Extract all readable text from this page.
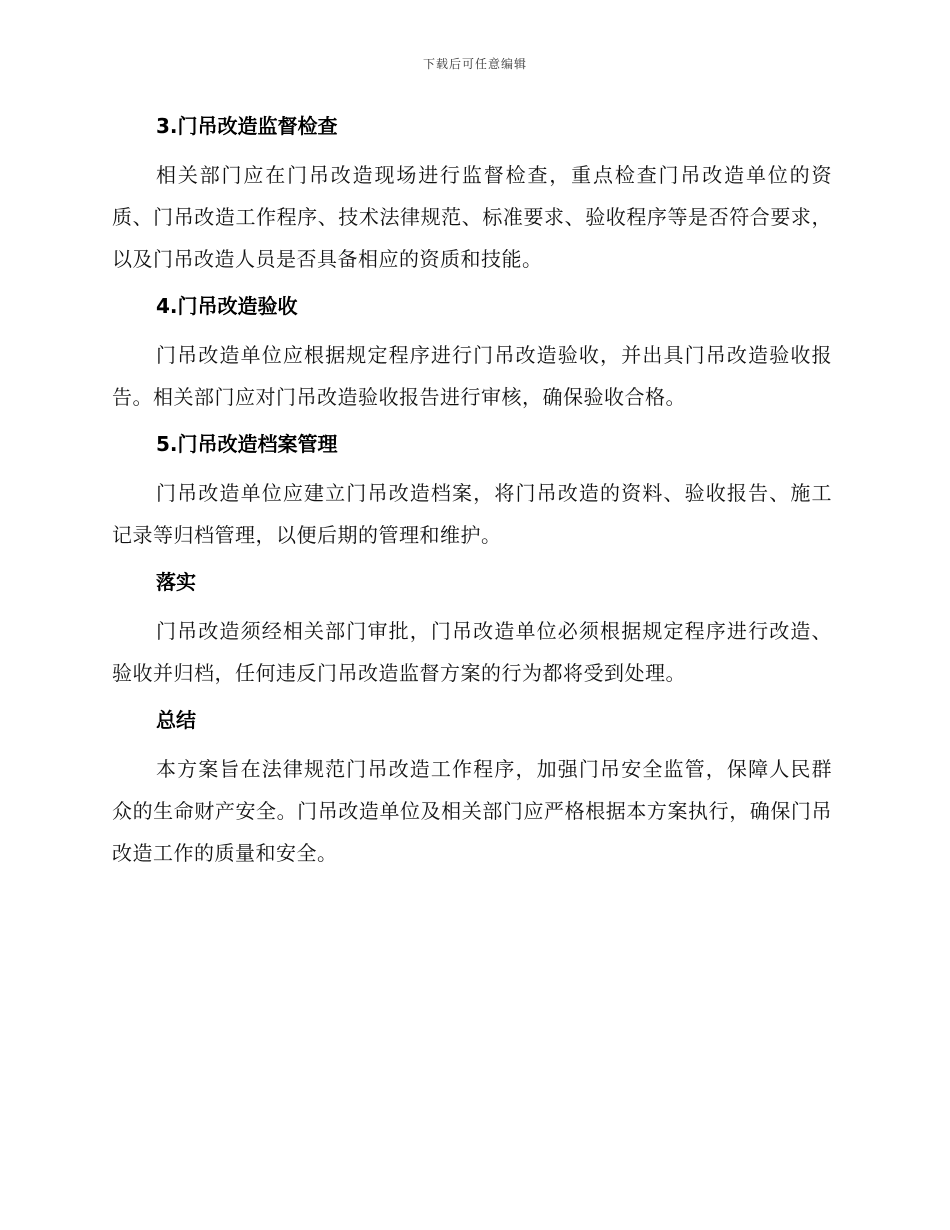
下载后可任意编辑
3.门吊改造监督检查

相关部门应在门吊改造现场进行监督检查，重点检查门吊改造单位的资质、门吊改造工作程序、技术法律规范、标准要求、验收程序等是否符合要求，以及门吊改造人员是否具备相应的资质和技能。

4.门吊改造验收

门吊改造单位应根据规定程序进行门吊改造验收，并出具门吊改造验收报告。相关部门应对门吊改造验收报告进行审核，确保验收合格。

5.门吊改造档案管理

门吊改造单位应建立门吊改造档案，将门吊改造的资料、验收报告、施工记录等归档管理，以便后期的管理和维护。

落实

门吊改造须经相关部门审批，门吊改造单位必须根据规定程序进行改造、验收并归档，任何违反门吊改造监督方案的行为都将受到处理。

总结

本方案旨在法律规范门吊改造工作程序，加强门吊安全监管，保障人民群众的生命财产安全。门吊改造单位及相关部门应严格根据本方案执行，确保门吊改造工作的质量和安全。
